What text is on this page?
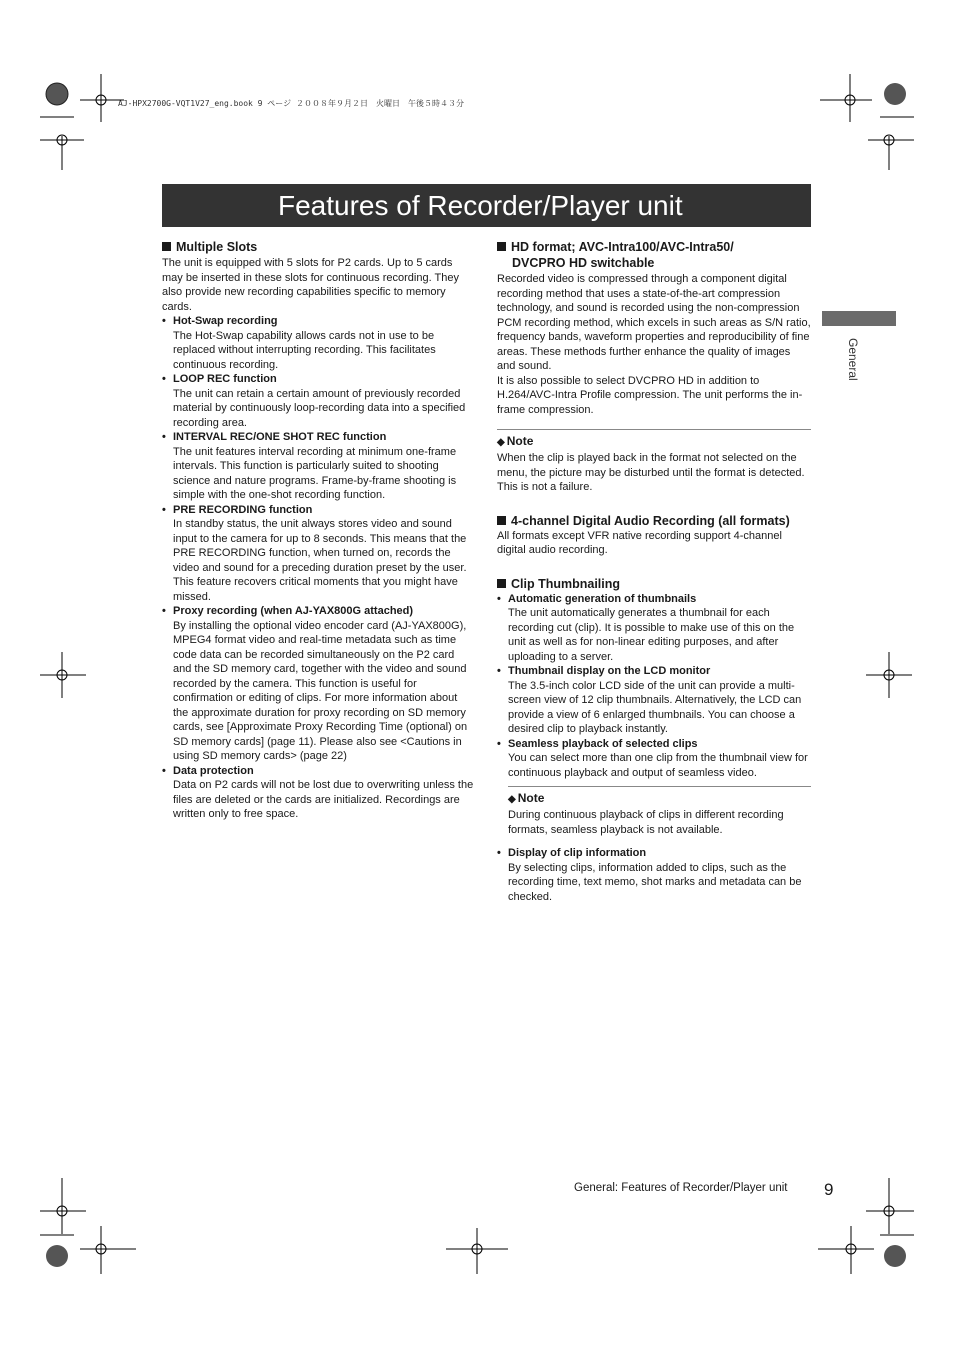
AJ-HPX2700G-VQT1V27_eng.book 9 ページ ２００８年９月２日　火曜日　午後５時４３分
Features of Recorder/Player unit
General
Multiple Slots
The unit is equipped with 5 slots for P2 cards. Up to 5 cards may be inserted in these slots for continuous recording. They also provide new recording capabilities specific to memory cards.
• Hot-Swap recording
The Hot-Swap capability allows cards not in use to be replaced without interrupting recording. This facilitates continuous recording.
• LOOP REC function
The unit can retain a certain amount of previously recorded material by continuously loop-recording data into a specified recording area.
• INTERVAL REC/ONE SHOT REC function
The unit features interval recording at minimum one-frame intervals. This function is particularly suited to shooting science and nature programs. Frame-by-frame shooting is simple with the one-shot recording function.
• PRE RECORDING function
In standby status, the unit always stores video and sound input to the camera for up to 8 seconds. This means that the PRE RECORDING function, when turned on, records the video and sound for a preceding duration preset by the user. This feature recovers critical moments that you might have missed.
• Proxy recording (when AJ-YAX800G attached)
By installing the optional video encoder card (AJ-YAX800G), MPEG4 format video and real-time metadata such as time code data can be recorded simultaneously on the P2 card and the SD memory card, together with the video and sound recorded by the camera. This function is useful for confirmation or editing of clips. For more information about the approximate duration for proxy recording on SD memory cards, see [Approximate Proxy Recording Time (optional) on SD memory cards] (page 11). Please also see <Cautions in using SD memory cards> (page 22)
• Data protection
Data on P2 cards will not be lost due to overwriting unless the files are deleted or the cards are initialized. Recordings are written only to free space.
HD format; AVC-Intra100/AVC-Intra50/
DVCPRO HD switchable
Recorded video is compressed through a component digital recording method that uses a state-of-the-art compression technology, and sound is recorded using the non-compression PCM recording method, which excels in such areas as S/N ratio, frequency bands, waveform properties and reproducibility of fine areas. These methods further enhance the quality of images and sound.
It is also possible to select DVCPRO HD in addition to H.264/AVC-Intra Profile compression. The unit performs the in-frame compression.
◆ Note
When the clip is played back in the format not selected on the menu, the picture may be disturbed until the format is detected. This is not a failure.
4-channel Digital Audio Recording (all formats)
All formats except VFR native recording support 4-channel digital audio recording.
Clip Thumbnailing
• Automatic generation of thumbnails
The unit automatically generates a thumbnail for each recording cut (clip). It is possible to make use of this on the unit as well as for non-linear editing purposes, and after uploading to a server.
• Thumbnail display on the LCD monitor
The 3.5-inch color LCD side of the unit can provide a multi-screen view of 12 clip thumbnails. Alternatively, the LCD can provide a view of 6 enlarged thumbnails. You can choose a desired clip to playback instantly.
• Seamless playback of selected clips
You can select more than one clip from the thumbnail view for continuous playback and output of seamless video.
◆ Note
During continuous playback of clips in different recording formats, seamless playback is not available.
• Display of clip information
By selecting clips, information added to clips, such as the recording time, text memo, shot marks and metadata can be checked.
General: Features of Recorder/Player unit 9
